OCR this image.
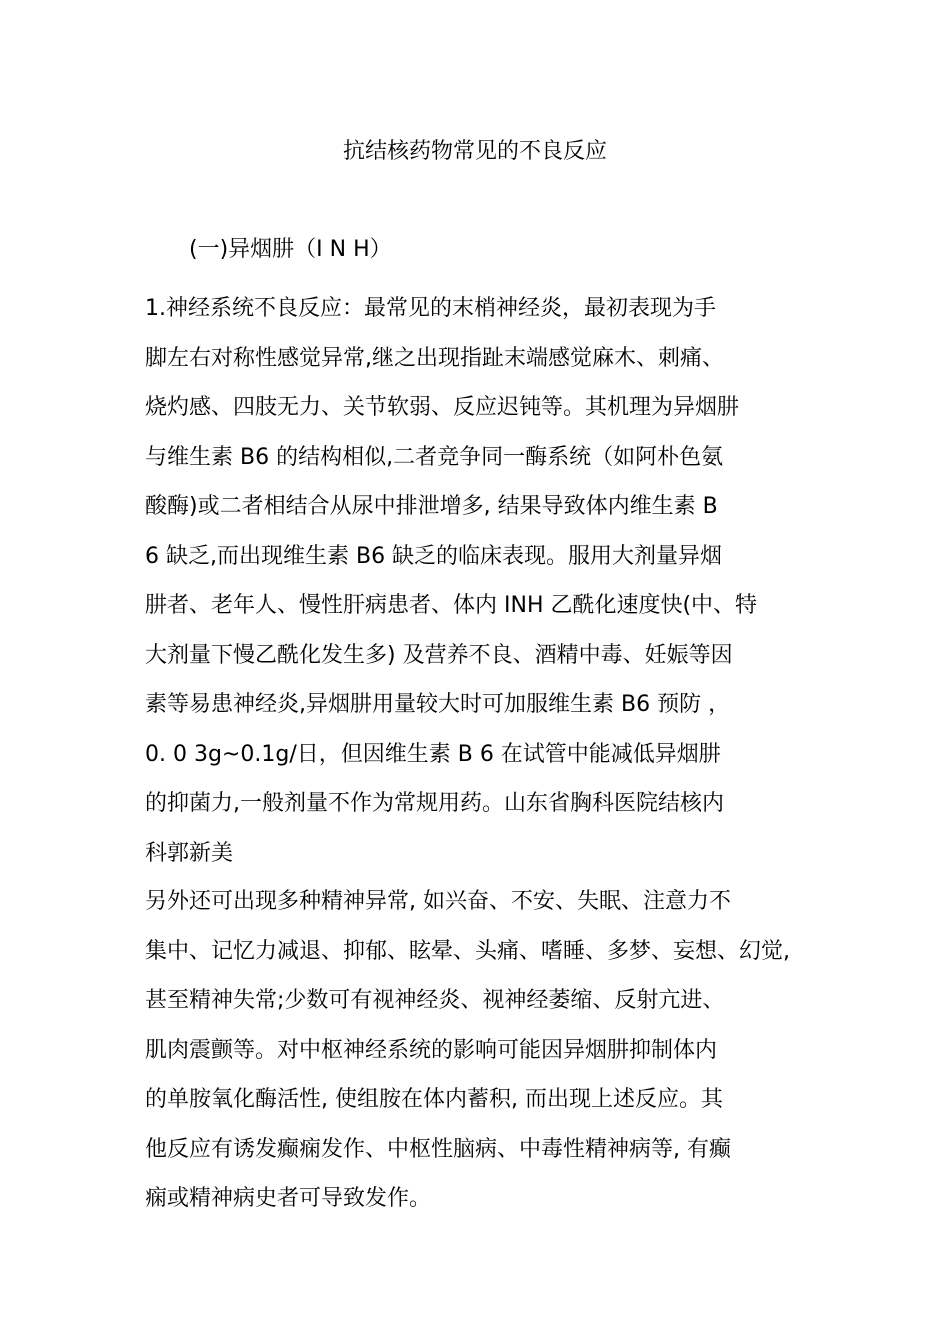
抗结核药物常见的不良反应
(一)异烟肼（I N H）
1.神经系统不良反应：最常见的末梢神经炎，最初表现为手
脚左右对称性感觉异常,继之出现指趾末端感觉麻木、刺痛、
烧灼感、四肢无力、关节软弱、反应迟钝等。其机理为异烟肼
与维生素 B6 的结构相似,二者竞争同一酶系统（如阿朴色氨
酸酶)或二者相结合从尿中排泄增多, 结果导致体内维生素 B
6 缺乏,而出现维生素 B6 缺乏的临床表现。服用大剂量异烟
肼者、老年人、慢性肝病患者、体内 INH 乙酰化速度快(中、特
大剂量下慢乙酰化发生多) 及营养不良、酒精中毒、妊娠等因
素等易患神经炎,异烟肼用量较大时可加服维生素 B6 预防 ，
0. 0 3g~0.1g/日，但因维生素 B 6 在试管中能减低异烟肼
的抑菌力,一般剂量不作为常规用药。山东省胸科医院结核内
科郭新美
另外还可出现多种精神异常, 如兴奋、不安、失眠、注意力不
集中、记忆力减退、抑郁、眩晕、头痛、嗜睡、多梦、妄想、幻觉,
甚至精神失常;少数可有视神经炎、视神经萎缩、反射亢进、
肌肉震颤等。对中枢神经系统的影响可能因异烟肼抑制体内
的单胺氧化酶活性, 使组胺在体内蓄积, 而出现上述反应。其
他反应有诱发癫痫发作、中枢性脑病、中毒性精神病等, 有癫
痫或精神病史者可导致发作。
